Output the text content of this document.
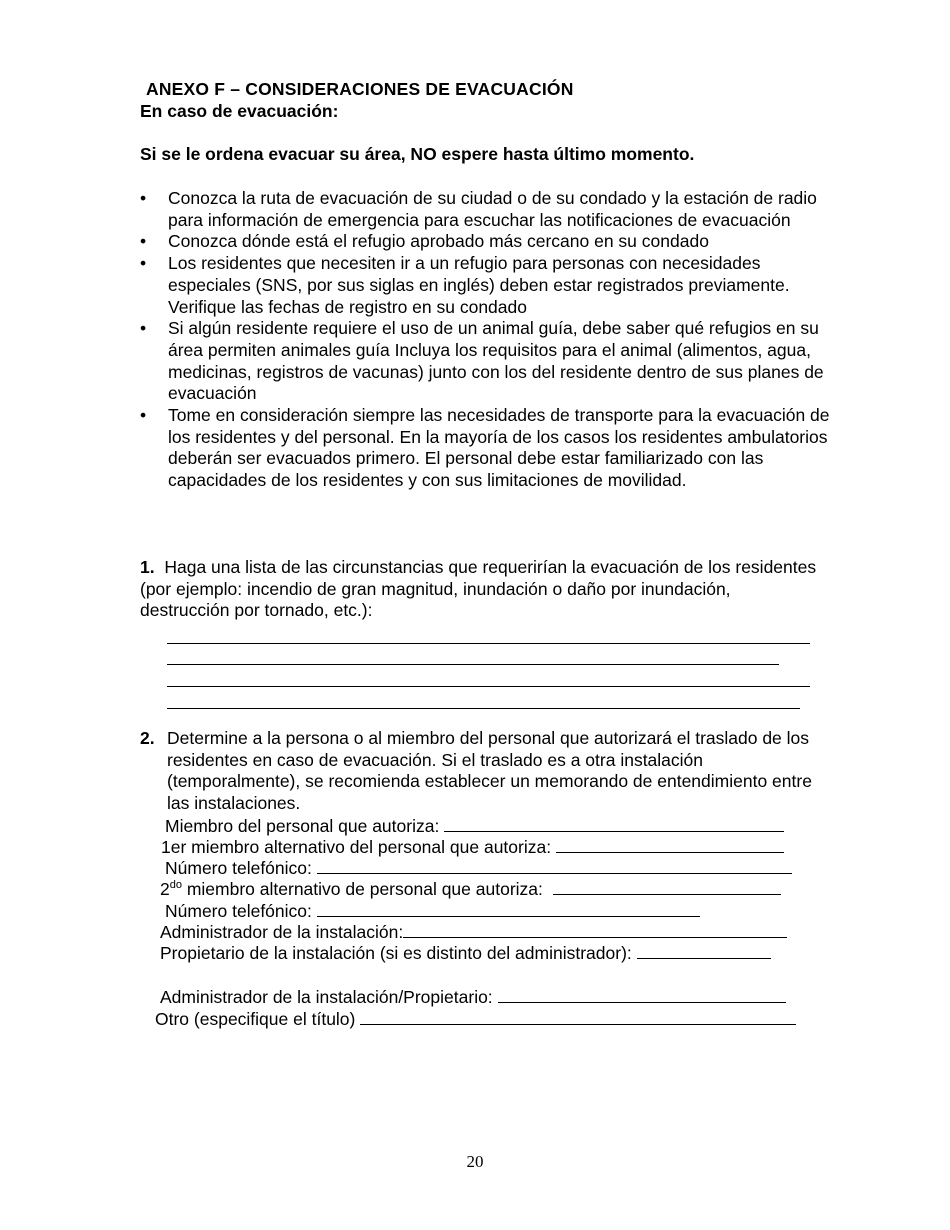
ANEXO F – CONSIDERACIONES DE EVACUACIÓN
En caso de evacuación:
Si se le ordena evacuar su área, NO espere hasta último momento.
• Conozca la ruta de evacuación de su ciudad o de su condado y la estación de radio para información de emergencia para escuchar las notificaciones de evacuación
• Conozca dónde está el refugio aprobado más cercano en su condado
• Los residentes que necesiten ir a un refugio para personas con necesidades especiales (SNS, por sus siglas en inglés) deben estar registrados previamente. Verifique las fechas de registro en su condado
• Si algún residente requiere el uso de un animal guía, debe saber qué refugios en su área permiten animales guía Incluya los requisitos para el animal (alimentos, agua, medicinas, registros de vacunas) junto con los del residente dentro de sus planes de evacuación
• Tome en consideración siempre las necesidades de transporte para la evacuación de los residentes y del personal. En la mayoría de los casos los residentes ambulatorios deberán ser evacuados primero. El personal debe estar familiarizado con las capacidades de los residentes y con sus limitaciones de movilidad.
1. Haga una lista de las circunstancias que requerirían la evacuación de los residentes (por ejemplo: incendio de gran magnitud, inundación o daño por inundación, destrucción por tornado, etc.):
2. Determine a la persona o al miembro del personal que autorizará el traslado de los residentes en caso de evacuación. Si el traslado es a otra instalación (temporalmente), se recomienda establecer un memorando de entendimiento entre las instalaciones.
Miembro del personal que autoriza:
1er miembro alternativo del personal que autoriza:
Número telefónico:
$2^{do}$ miembro alternativo de personal que autoriza:
Número telefónico:
Administrador de la instalación:
Propietario de la instalación (si es distinto del administrador):
Administrador de la instalación/Propietario:
Otro (especifique el título)
20
